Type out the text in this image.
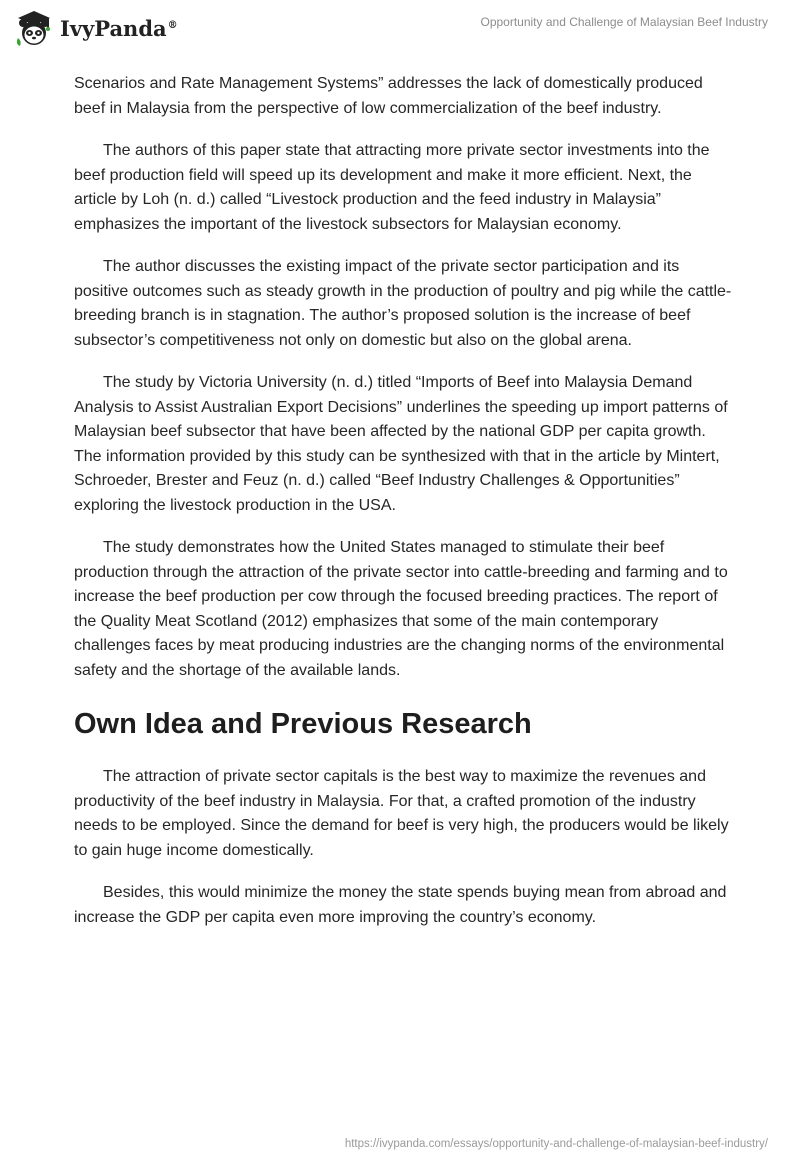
IvyPanda®	Opportunity and Challenge of Malaysian Beef Industry

Scenarios and Rate Management Systems” addresses the lack of domestically produced beef in Malaysia from the perspective of low commercialization of the beef industry.

The authors of this paper state that attracting more private sector investments into the beef production field will speed up its development and make it more efficient. Next, the article by Loh (n. d.) called “Livestock production and the feed industry in Malaysia” emphasizes the important of the livestock subsectors for Malaysian economy.

The author discusses the existing impact of the private sector participation and its positive outcomes such as steady growth in the production of poultry and pig while the cattle-breeding branch is in stagnation. The author’s proposed solution is the increase of beef subsector’s competitiveness not only on domestic but also on the global arena.

The study by Victoria University (n. d.) titled “Imports of Beef into Malaysia Demand Analysis to Assist Australian Export Decisions” underlines the speeding up import patterns of Malaysian beef subsector that have been affected by the national GDP per capita growth. The information provided by this study can be synthesized with that in the article by Mintert, Schroeder, Brester and Feuz (n. d.) called “Beef Industry Challenges & Opportunities” exploring the livestock production in the USA.

The study demonstrates how the United States managed to stimulate their beef production through the attraction of the private sector into cattle-breeding and farming and to increase the beef production per cow through the focused breeding practices. The report of the Quality Meat Scotland (2012) emphasizes that some of the main contemporary challenges faces by meat producing industries are the changing norms of the environmental safety and the shortage of the available lands.

Own Idea and Previous Research

The attraction of private sector capitals is the best way to maximize the revenues and productivity of the beef industry in Malaysia. For that, a crafted promotion of the industry needs to be employed. Since the demand for beef is very high, the producers would be likely to gain huge income domestically.

Besides, this would minimize the money the state spends buying mean from abroad and increase the GDP per capita even more improving the country’s economy.

https://ivypanda.com/essays/opportunity-and-challenge-of-malaysian-beef-industry/
